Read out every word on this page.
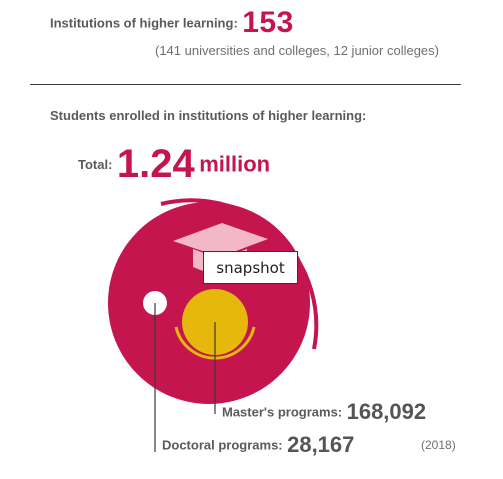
Institutions of higher learning: 153
(141 universities and colleges, 12 junior colleges)
Students enrolled in institutions of higher learning:
Total: 1.24 million
Master's programs: 168,092
Doctoral programs: 28,167	(2018)
snapshot
